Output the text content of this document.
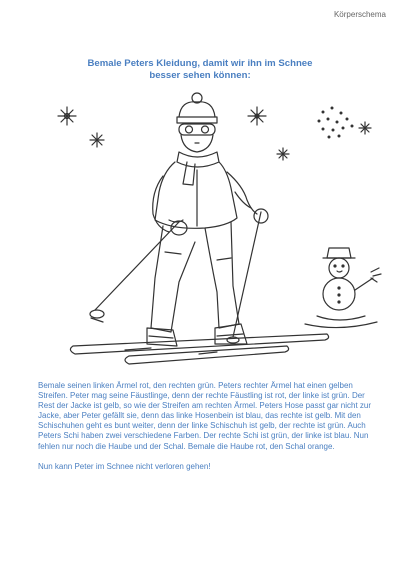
Körperschema
Bemale Peters Kleidung, damit wir ihn im Schnee
besser sehen können:

Bemale seinen linken Ärmel rot, den rechten grün. Peters rechter Ärmel hat einen gelben Streifen. Peter mag seine Fäustlinge, denn der rechte Fäustling ist rot, der linke ist grün. Der Rest der Jacke ist gelb, so wie der Streifen am rechten Ärmel. Peters Hose passt gar nicht zur Jacke, aber Peter gefällt sie, denn das linke Hosenbein ist blau, das rechte ist gelb. Mit den Schischuhen geht es bunt weiter, denn der linke Schischuh ist gelb, der rechte ist grün. Auch Peters Schi haben zwei verschiedene Farben. Der rechte Schi ist grün, der linke ist blau. Nun fehlen nur noch die Haube und der Schal. Bemale die Haube rot, den Schal orange.

Nun kann Peter im Schnee nicht verloren gehen!
